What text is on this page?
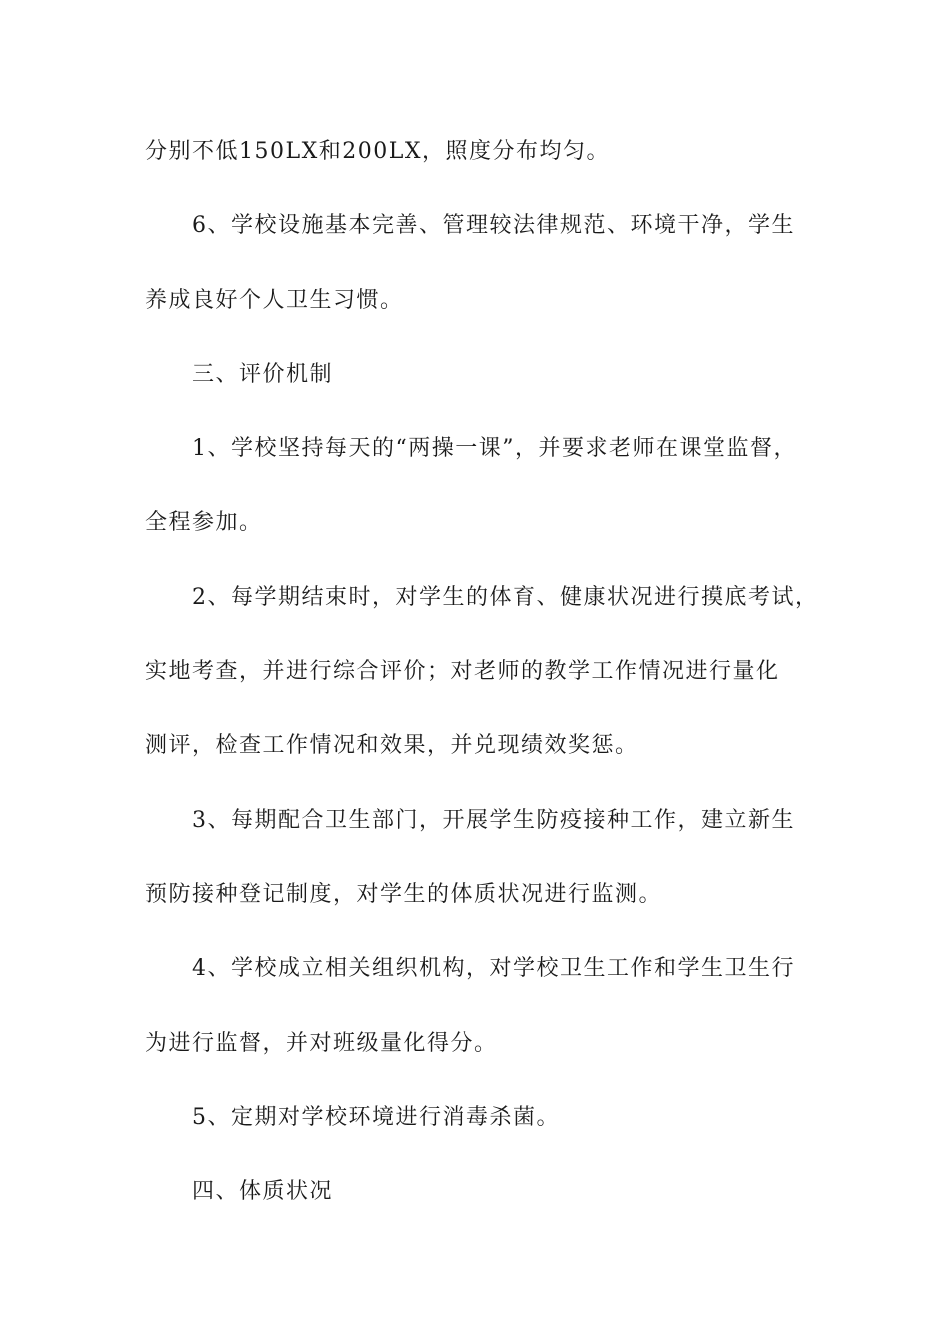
分别不低150LX和200LX，照度分布均匀。
6、学校设施基本完善、管理较法律规范、环境干净，学生
养成良好个人卫生习惯。
三、评价机制
1、学校坚持每天的“两操一课”，并要求老师在课堂监督，
全程参加。
2、每学期结束时，对学生的体育、健康状况进行摸底考试，
实地考查，并进行综合评价；对老师的教学工作情况进行量化
测评，检查工作情况和效果，并兑现绩效奖惩。
3、每期配合卫生部门，开展学生防疫接种工作，建立新生
预防接种登记制度，对学生的体质状况进行监测。
4、学校成立相关组织机构，对学校卫生工作和学生卫生行
为进行监督，并对班级量化得分。
5、定期对学校环境进行消毒杀菌。
四、体质状况
